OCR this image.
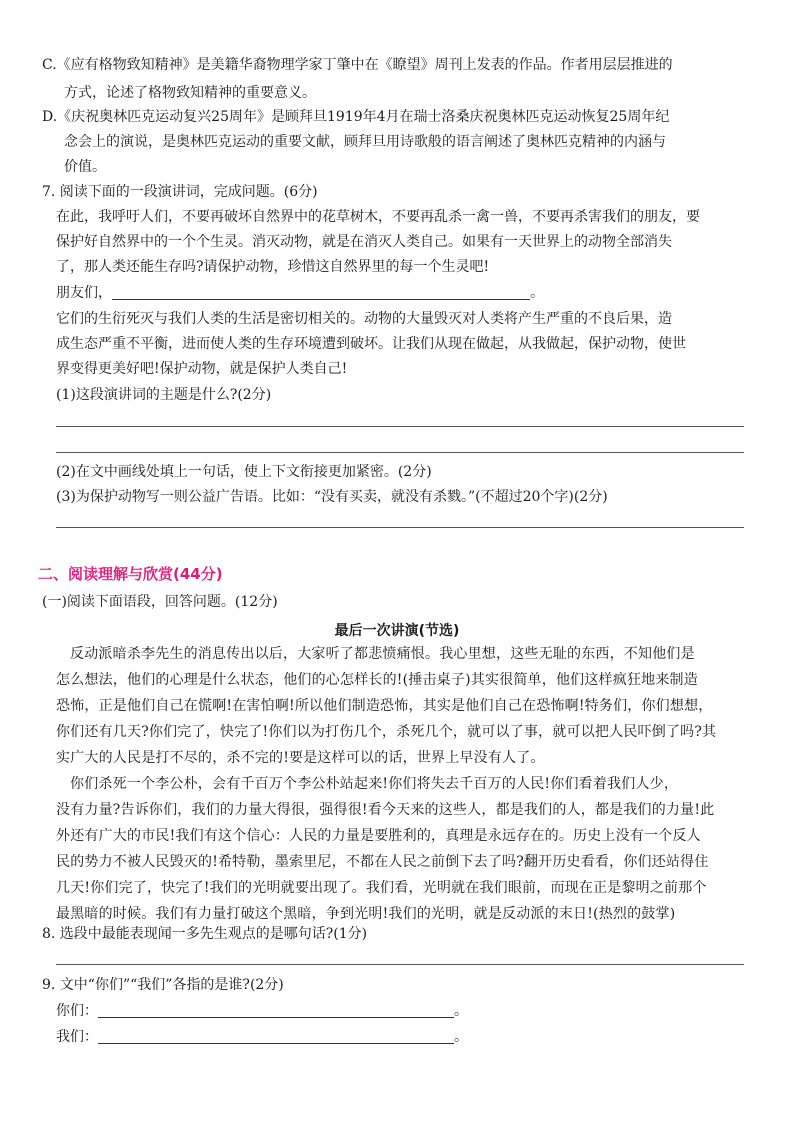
C.《应有格物致知精神》是美籍华裔物理学家丁肇中在《瞭望》周刊上发表的作品。作者用层层推进的
方式，论述了格物致知精神的重要意义。
D.《庆祝奥林匹克运动复兴25周年》是顾拜旦1919年4月在瑞士洛桑庆祝奥林匹克运动恢复25周年纪
念会上的演说，是奥林匹克运动的重要文献，顾拜旦用诗歌般的语言阐述了奥林匹克精神的内涵与
价值。
7. 阅读下面的一段演讲词，完成问题。(6分)
在此，我呼吁人们，不要再破坏自然界中的花草树木，不要再乱杀一禽一兽，不要再杀害我们的朋友，要
保护好自然界中的一个个生灵。消灭动物，就是在消灭人类自己。如果有一天世界上的动物全部消失
了，那人类还能生存吗?请保护动物，珍惜这自然界里的每一个生灵吧!
朋友们，	。
它们的生衍死灭与我们人类的生活是密切相关的。动物的大量毁灭对人类将产生严重的不良后果，造
成生态严重不平衡，进而使人类的生存环境遭到破坏。让我们从现在做起，从我做起，保护动物，使世
界变得更美好吧!保护动物，就是保护人类自己!
(1)这段演讲词的主题是什么?(2分)
(2)在文中画线处填上一句话，使上下文衔接更加紧密。(2分)
(3)为保护动物写一则公益广告语。比如：“没有买卖，就没有杀戮。”(不超过20个字)(2分)
二、阅读理解与欣赏(44分)
(一)阅读下面语段，回答问题。(12分)
最后一次讲演(节选)
反动派暗杀李先生的消息传出以后，大家听了都悲愤痛恨。我心里想，这些无耻的东西，不知他们是
怎么想法，他们的心理是什么状态，他们的心怎样长的!(捶击桌子)其实很简单，他们这样疯狂地来制造
恐怖，正是他们自己在慌啊!在害怕啊!所以他们制造恐怖，其实是他们自己在恐怖啊!特务们，你们想想，
你们还有几天?你们完了，快完了!你们以为打伤几个，杀死几个，就可以了事，就可以把人民吓倒了吗?其
实广大的人民是打不尽的，杀不完的!要是这样可以的话，世界上早没有人了。
你们杀死一个李公朴，会有千百万个李公朴站起来!你们将失去千百万的人民!你们看着我们人少，
没有力量?告诉你们，我们的力量大得很，强得很!看今天来的这些人，都是我们的人，都是我们的力量!此
外还有广大的市民!我们有这个信心：人民的力量是要胜利的，真理是永远存在的。历史上没有一个反人
民的势力不被人民毁灭的!希特勒，墨索里尼，不都在人民之前倒下去了吗?翻开历史看看，你们还站得住
几天!你们完了，快完了!我们的光明就要出现了。我们看，光明就在我们眼前，而现在正是黎明之前那个
最黑暗的时候。我们有力量打破这个黑暗，争到光明!我们的光明，就是反动派的末日!(热烈的鼓掌)
8. 选段中最能表现闻一多先生观点的是哪句话?(1分)
9. 文中“你们”“我们”各指的是谁?(2分)
你们：	。
我们：	。
